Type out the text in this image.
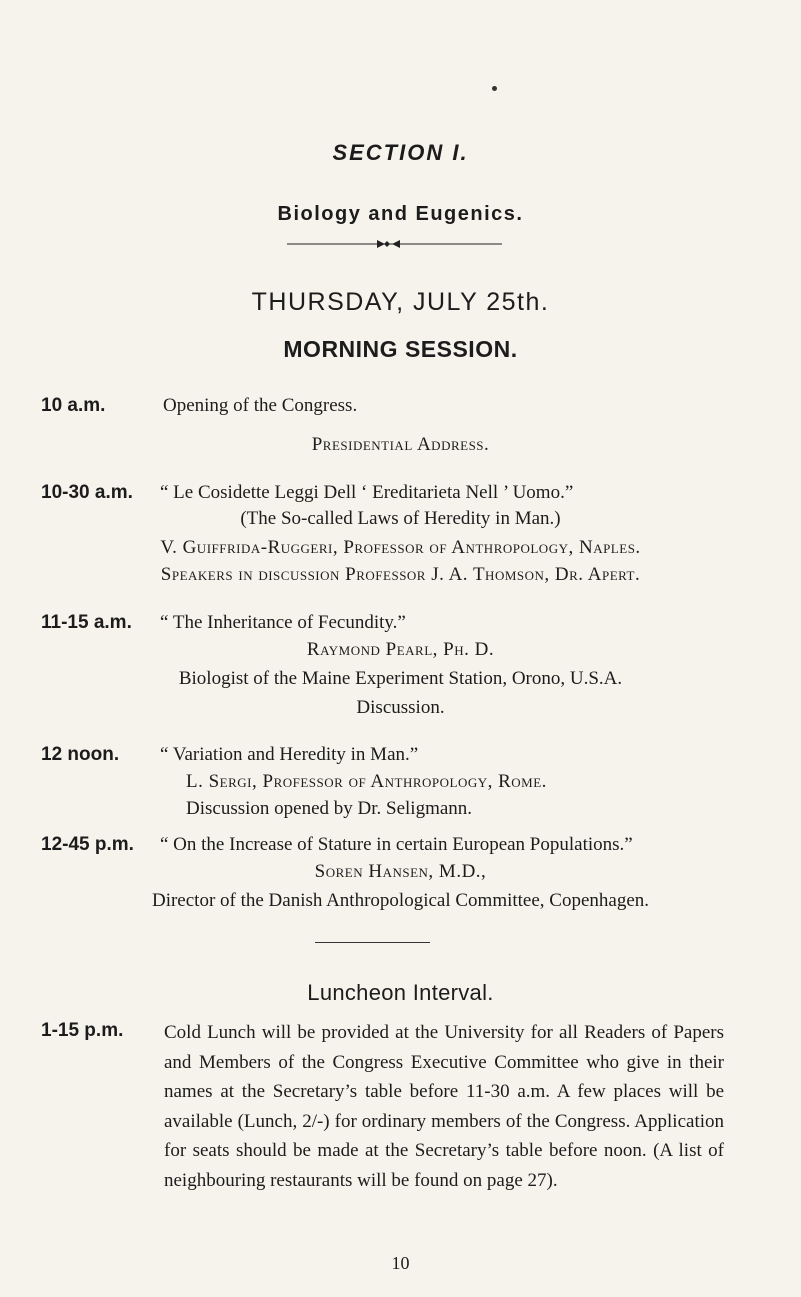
SECTION I.
Biology and Eugenics.
THURSDAY, JULY 25th.
MORNING SESSION.
10 a.m.	Opening of the Congress.
Presidential Address.
10-30 a.m. “ Le Cosidette Leggi Dell ‘ Ereditarieta Nell ’ Uomo.”
(The So-called Laws of Heredity in Man.)
V. Guiffrida-Ruggeri, Professor of Anthropology, Naples.
Speakers in discussion Professor J. A. Thomson, Dr. Apert.
11-15 a.m. “ The Inheritance of Fecundity.”
Raymond Pearl, Ph. D.
Biologist of the Maine Experiment Station, Orono, U.S.A.
Discussion.
12 noon. “ Variation and Heredity in Man.”
L. Sergi, Professor of Anthropology, Rome.
Discussion opened by Dr. Seligmann.
12-45 p.m. “ On the Increase of Stature in certain European Populations.”
Soren Hansen, M.D.,
Director of the Danish Anthropological Committee, Copenhagen.
Luncheon Interval.
1-15 p.m. Cold Lunch will be provided at the University for all Readers of Papers and Members of the Congress Executive Committee who give in their names at the Secretary’s table before 11-30 a.m. A few places will be available (Lunch, 2/-) for ordinary members of the Congress. Application for seats should be made at the Secretary’s table before noon. (A list of neighbouring restaurants will be found on page 27).
10
